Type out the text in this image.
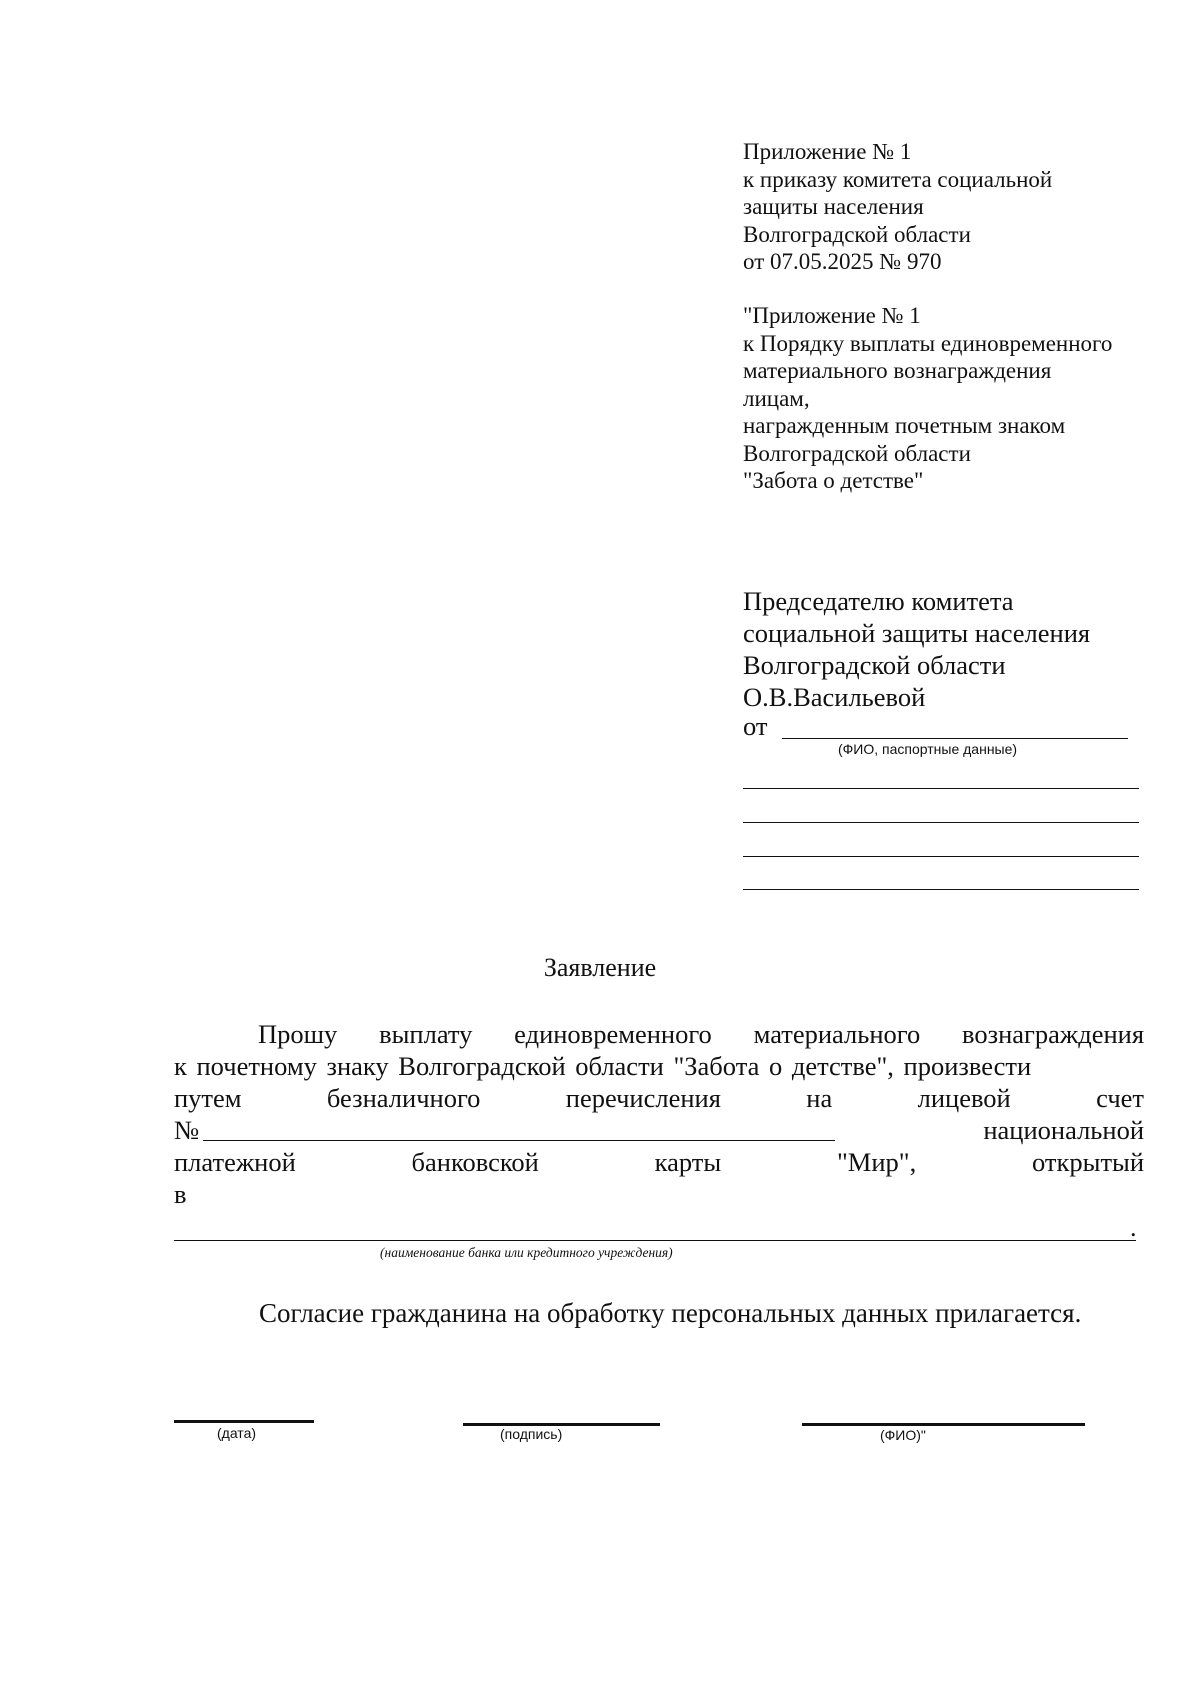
Приложение № 1
к приказу комитета социальной
защиты населения
Волгоградской области
от 07.05.2025 № 970
"Приложение № 1
к Порядку выплаты единовременного
материального вознаграждения
лицам,
награжденным почетным знаком
Волгоградской области
"Забота о детстве"
Председателю комитета
социальной защиты населения
Волгоградской области
О.В.Васильевой
от
(ФИО, паспортные данные)
Заявление
Прошу выплату единовременного материального вознаграждения
к почетному знаку Волгоградской области "Забота о детстве", произвести
путем	безналичного	перечисления	на	лицевой	счет
№	национальной
платежной	банковской	карты	"Мир",	открытый
в
.
(наименование банка или кредитного учреждения)
Согласие гражданина на обработку персональных данных прилагается.
(дата)	(подпись)	(ФИО)"
